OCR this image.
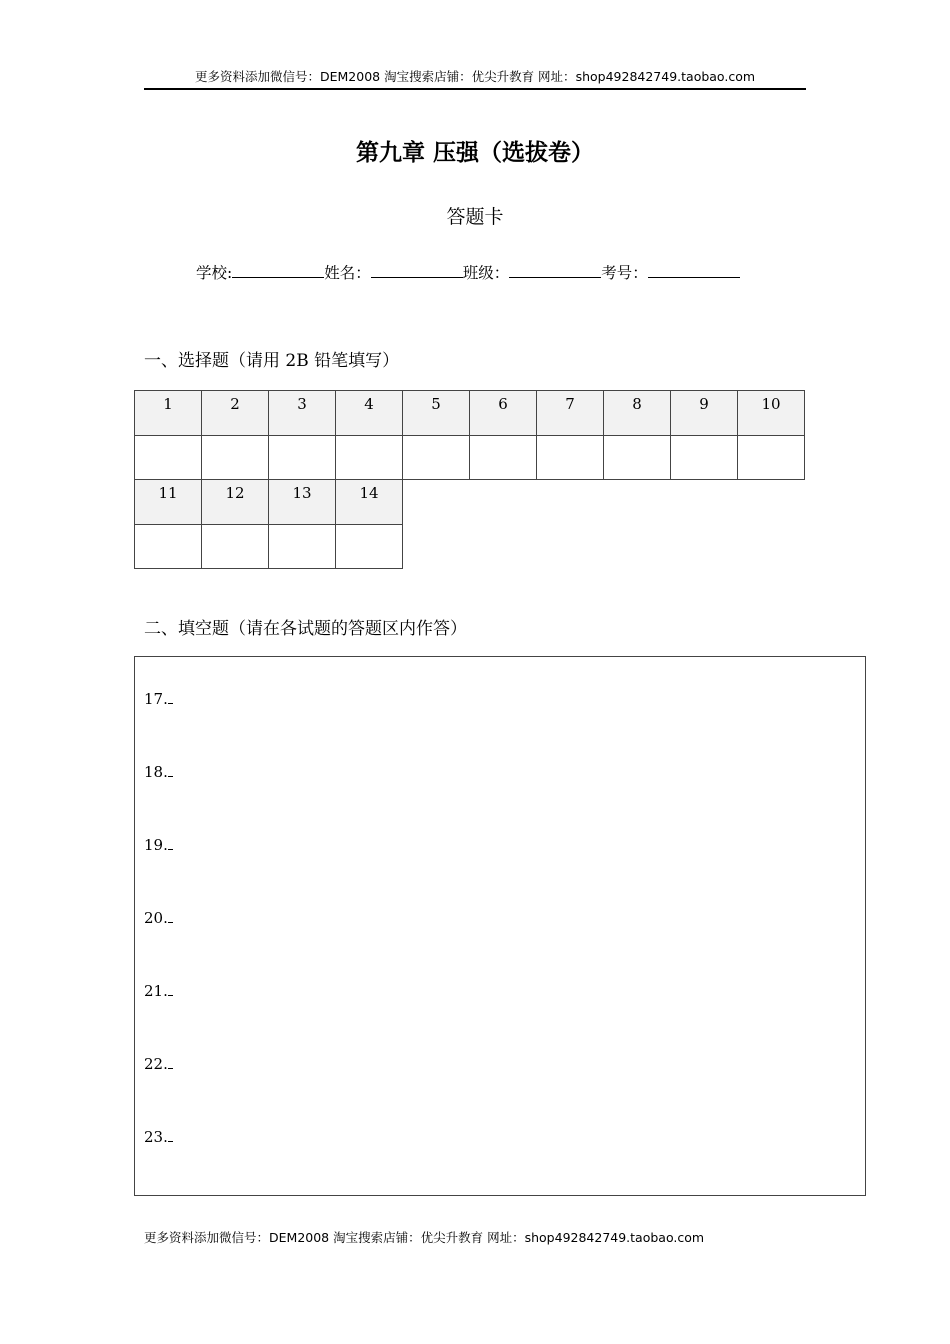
更多资料添加微信号：DEM2008 淘宝搜索店铺：优尖升教育 网址：shop492842749.taobao.com
第九章 压强（选拔卷）
答题卡
学校:	姓名：	班级：	考号：
一、选择题（请用 2B 铅笔填写）
1	2	3	4	5	6	7	8	9	10

11	12	13	14

二、填空题（请在各试题的答题区内作答）
17.
18.
19.
20.
21.
22.
23.
更多资料添加微信号：DEM2008 淘宝搜索店铺：优尖升教育 网址：shop492842749.taobao.com
